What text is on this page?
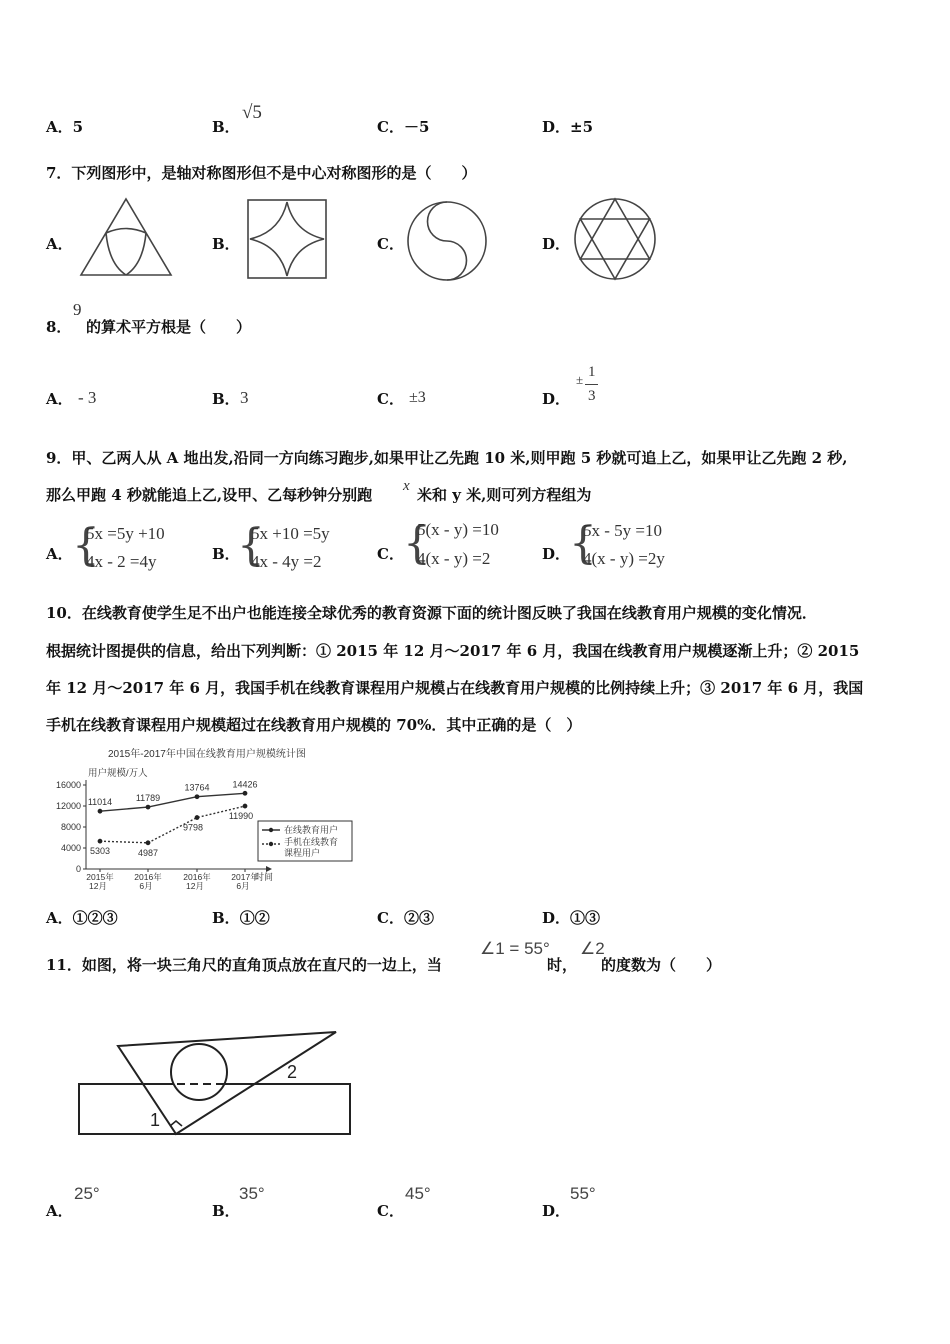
A．5	B．
√5
C．－5	D．±5
7．下列图形中，是轴对称图形但不是中心对称图形的是（　　）
A．	B．	C．	D．
8．
9
的算术平方根是（　　）
A． - 3	B． 3	C． ±3	D．
± 1
3
9．甲、乙两人从 A 地出发,沿同一方向练习跑步,如果甲让乙先跑 10 米,则甲跑 5 秒就可追上乙，如果甲让乙先跑 2 秒,
那么甲跑 4 秒就能追上乙,设甲、乙每秒钟分别跑 x 米和 y 米,则可列方程组为
A． {
5x =5y +10
4x - 2 =4y	B．
{
5x +10 =5y
4x - 4y =2	C． {
5(x - y) =10
4(x - y) =2	D．
{
5x - 5y =10
4(x - y) =2y
10．在线教育使学生足不出户也能连接全球优秀的教育资源下面的统计图反映了我国在线教育用户规模的变化情况．
根据统计图提供的信息，给出下列判断：① 2015 年 12 月～2017 年 6 月，我国在线教育用户规模逐渐上升；② 2015
年 12 月～2017 年 6 月，我国手机在线教育课程用户规模占在线教育用户规模的比例持续上升；③ 2017 年 6 月，我国
手机在线教育课程用户规模超过在线教育用户规模的 70%．其中正确的是（　）
2015年-2017年中国在线教育用户规模统计图
用户规模/万人
时间
0
4000
8000
12000
16000
2015年 12月
2016年 6月
2016年 12月
2017年 6月
11014	11789
13764	14426
5303	4987
9798
11990
在线教育用户
手机在线教育 课程用户
A．①②③	B．①②	C．②③	D．①③
11．如图，将一块三角尺的直角顶点放在直尺的一边上，当
∠1 = 55°
时，
∠2
的度数为（　　）
1
2
A．
25°
B．
35°
C．
45°
D．
55°
